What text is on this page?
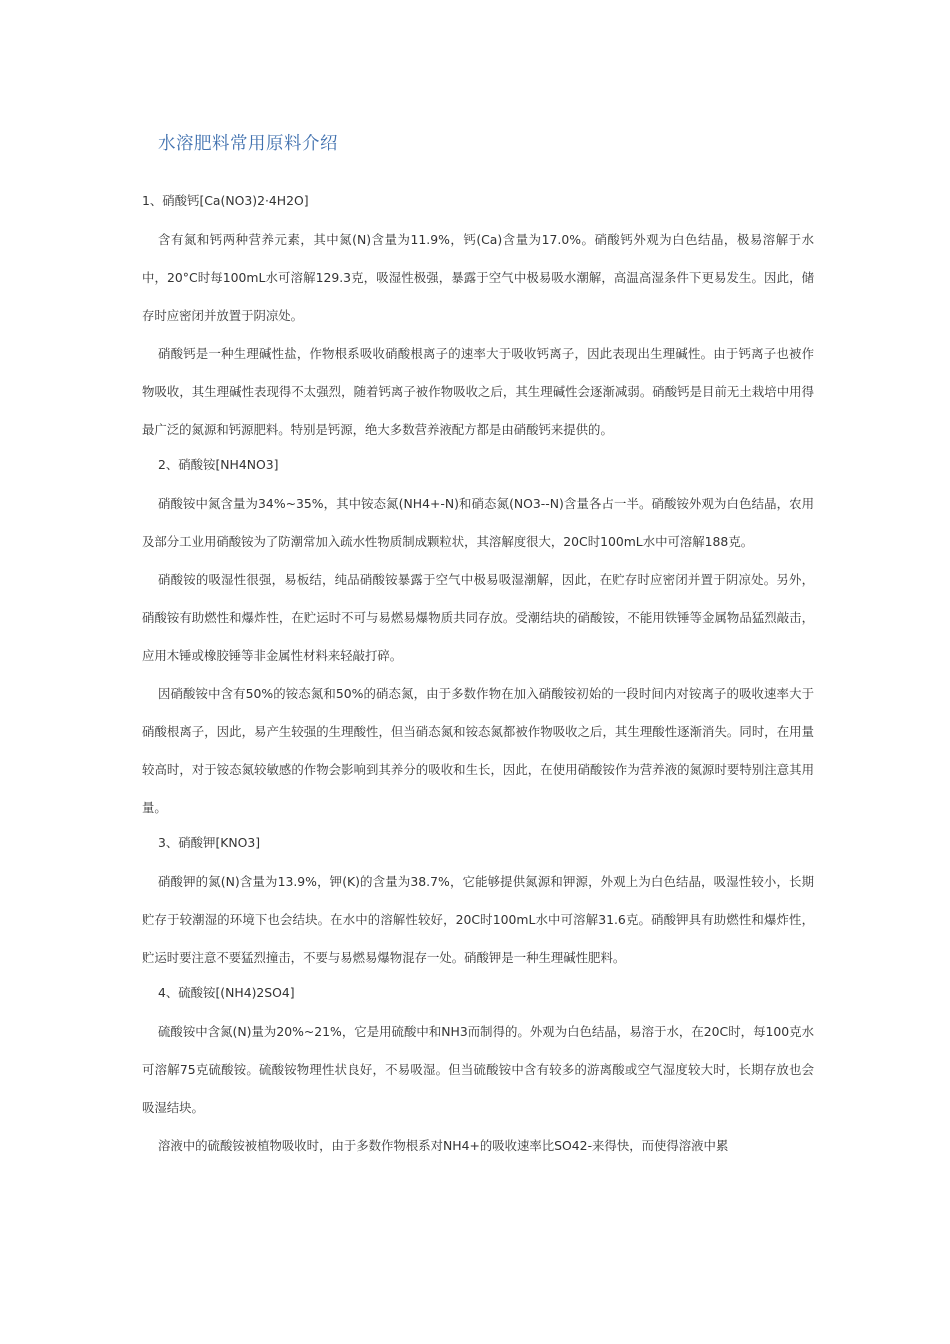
水溶肥料常用原料介绍
1、硝酸钙[Ca(NO3)2·4H2O]

含有氮和钙两种营养元素，其中氮(N)含量为11.9%，钙(Ca)含量为17.0%。硝酸钙外观为白色结晶，极易溶解于水中，20°C时每100mL水可溶解129.3克，吸湿性极强，暴露于空气中极易吸水潮解，高温高湿条件下更易发生。因此，储存时应密闭并放置于阴凉处。

硝酸钙是一种生理碱性盐，作物根系吸收硝酸根离子的速率大于吸收钙离子，因此表现出生理碱性。由于钙离子也被作物吸收，其生理碱性表现得不太强烈，随着钙离子被作物吸收之后，其生理碱性会逐渐减弱。硝酸钙是目前无土栽培中用得最广泛的氮源和钙源肥料。特别是钙源，绝大多数营养液配方都是由硝酸钙来提供的。

2、硝酸铵[NH4NO3]

硝酸铵中氮含量为34%~35%，其中铵态氮(NH4+-N)和硝态氮(NO3--N)含量各占一半。硝酸铵外观为白色结晶，农用及部分工业用硝酸铵为了防潮常加入疏水性物质制成颗粒状，其溶解度很大，20C时100mL水中可溶解188克。

硝酸铵的吸湿性很强，易板结，纯品硝酸铵暴露于空气中极易吸湿潮解，因此，在贮存时应密闭并置于阴凉处。另外，硝酸铵有助燃性和爆炸性，在贮运时不可与易燃易爆物质共同存放。受潮结块的硝酸铵，不能用铁锤等金属物品猛烈敲击，应用木锤或橡胶锤等非金属性材料来轻敲打碎。

因硝酸铵中含有50%的铵态氮和50%的硝态氮，由于多数作物在加入硝酸铵初始的一段时间内对铵离子的吸收速率大于硝酸根离子，因此，易产生较强的生理酸性，但当硝态氮和铵态氮都被作物吸收之后，其生理酸性逐渐消失。同时，在用量较高时，对于铵态氮较敏感的作物会影响到其养分的吸收和生长，因此，在使用硝酸铵作为营养液的氮源时要特别注意其用量。

3、硝酸钾[KNO3]

硝酸钾的氮(N)含量为13.9%，钾(K)的含量为38.7%，它能够提供氮源和钾源，外观上为白色结晶，吸湿性较小，长期贮存于较潮湿的环境下也会结块。在水中的溶解性较好，20C时100mL水中可溶解31.6克。硝酸钾具有助燃性和爆炸性，贮运时要注意不要猛烈撞击，不要与易燃易爆物混存一处。硝酸钾是一种生理碱性肥料。

4、硫酸铵[(NH4)2SO4]

硫酸铵中含氮(N)量为20%~21%，它是用硫酸中和NH3而制得的。外观为白色结晶，易溶于水，在20C时，每100克水可溶解75克硫酸铵。硫酸铵物理性状良好，不易吸湿。但当硫酸铵中含有较多的游离酸或空气湿度较大时，长期存放也会吸湿结块。

溶液中的硫酸铵被植物吸收时，由于多数作物根系对NH4+的吸收速率比SO42-来得快，而使得溶液中累
